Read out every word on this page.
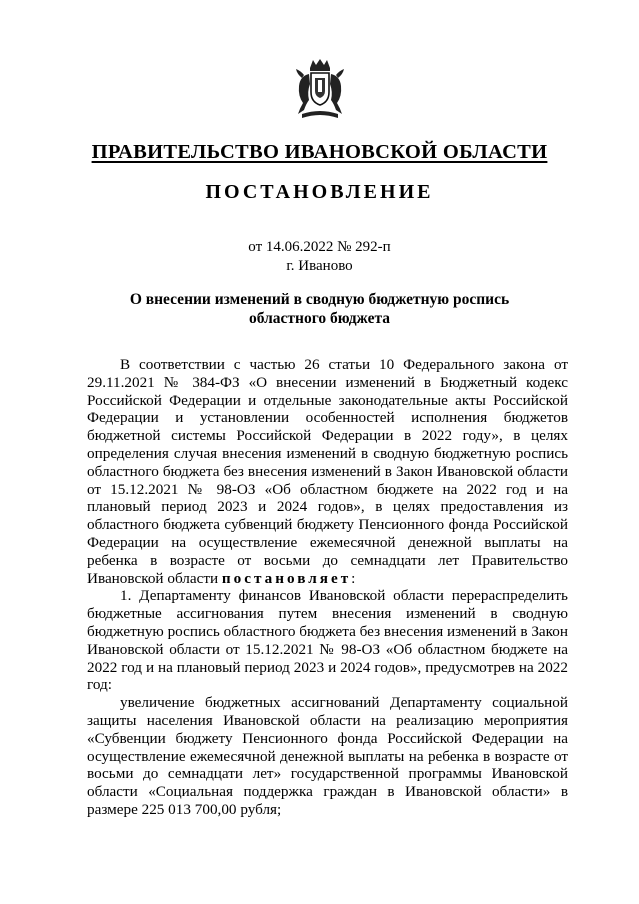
ПРАВИТЕЛЬСТВО ИВАНОВСКОЙ ОБЛАСТИ
ПОСТАНОВЛЕНИЕ
от 14.06.2022 № 292-п
г. Иваново
О внесении изменений в сводную бюджетную роспись
областного бюджета

В соответствии с частью 26 статьи 10 Федерального закона от 29.11.2021 № 384-ФЗ «О внесении изменений в Бюджетный кодекс Российской Федерации и отдельные законодательные акты Российской Федерации и установлении особенностей исполнения бюджетов бюджетной системы Российской Федерации в 2022 году», в целях определения случая внесения изменений в сводную бюджетную роспись областного бюджета без внесения изменений в Закон Ивановской области от 15.12.2021 № 98-ОЗ «Об областном бюджете на 2022 год и на плановый период 2023 и 2024 годов», в целях предоставления из областного бюджета субвенций бюджету Пенсионного фонда Российской Федерации на осуществление ежемесячной денежной выплаты на ребенка в возрасте от восьми до семнадцати лет Правительство Ивановской области постановляет:

1. Департаменту финансов Ивановской области перераспределить бюджетные ассигнования путем внесения изменений в сводную бюджетную роспись областного бюджета без внесения изменений в Закон Ивановской области от 15.12.2021 № 98-ОЗ «Об областном бюджете на 2022 год и на плановый период 2023 и 2024 годов», предусмотрев на 2022 год:

увеличение бюджетных ассигнований Департаменту социальной защиты населения Ивановской области на реализацию мероприятия «Субвенции бюджету Пенсионного фонда Российской Федерации на осуществление ежемесячной денежной выплаты на ребенка в возрасте от восьми до семнадцати лет» государственной программы Ивановской области «Социальная поддержка граждан в Ивановской области» в размере 225 013 700,00 рубля;
